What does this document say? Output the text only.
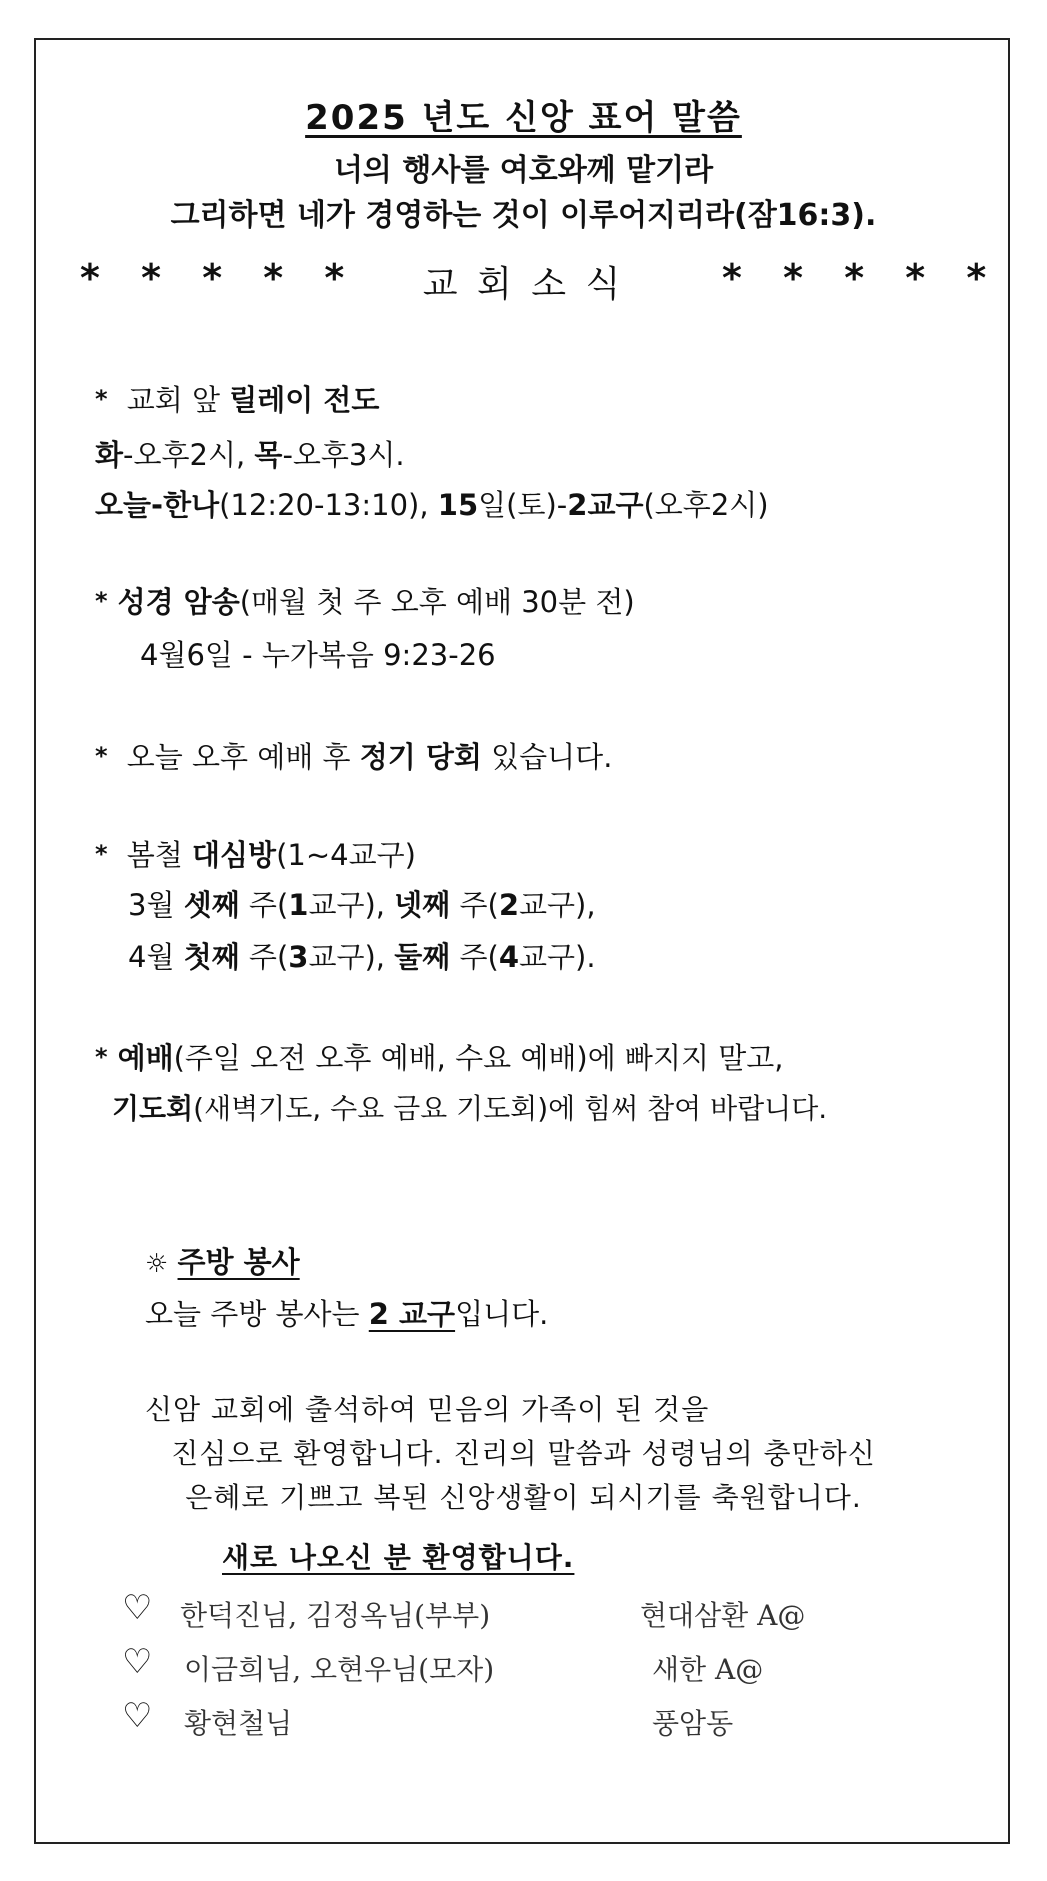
2025 년도 신앙 표어 말씀
너의 행사를 여호와께 맡기라
그리하면 네가 경영하는 것이 이루어지리라(잠16:3).
* * * * *	교 회 소 식	* * * * *
* 교회 앞 릴레이 전도
화-오후2시, 목-오후3시.
오늘-한나(12:20-13:10), 15일(토)-2교구(오후2시)
* 성경 암송(매월 첫 주 오후 예배 30분 전)
4월6일 - 누가복음 9:23-26
* 오늘 오후 예배 후 정기 당회 있습니다.
* 봄철 대심방(1~4교구)
3월 셋째 주(1교구), 넷째 주(2교구),
4월 첫째 주(3교구), 둘째 주(4교구).
* 예배(주일 오전 오후 예배, 수요 예배)에 빠지지 말고,
기도회(새벽기도, 수요 금요 기도회)에 힘써 참여 바랍니다.
☼ 주방 봉사
오늘 주방 봉사는 2 교구입니다.
신암 교회에 출석하여 믿음의 가족이 된 것을
진심으로 환영합니다. 진리의 말씀과 성령님의 충만하신
은혜로 기쁘고 복된 신앙생활이 되시기를 축원합니다.
새로 나오신 분 환영합니다.
♡ 한덕진님, 김정옥님(부부)	현대삼환 A@
♡ 이금희님, 오현우님(모자)	새한 A@
♡ 황현철님	풍암동
